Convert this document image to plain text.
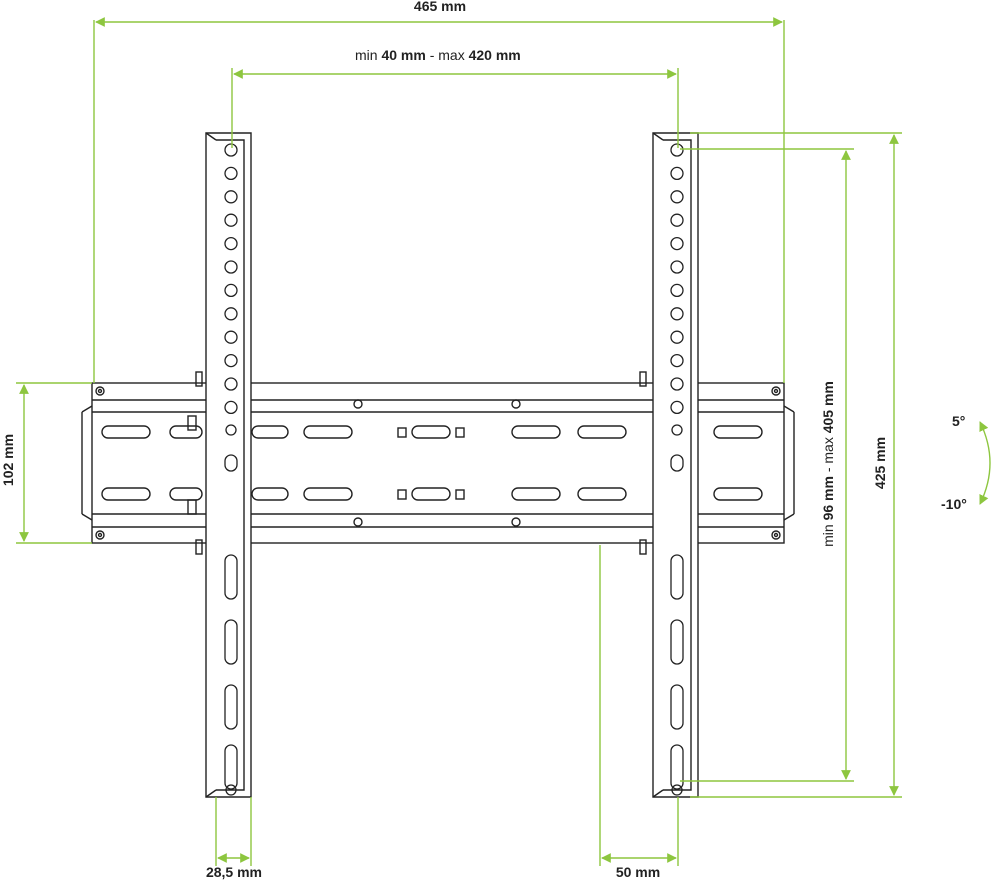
465 mm
min 40 mm - max 420 mm
102 mm	425 mm
min 96 mm - max 405 mm
28,5 mm	50 mm
5°
-10°
